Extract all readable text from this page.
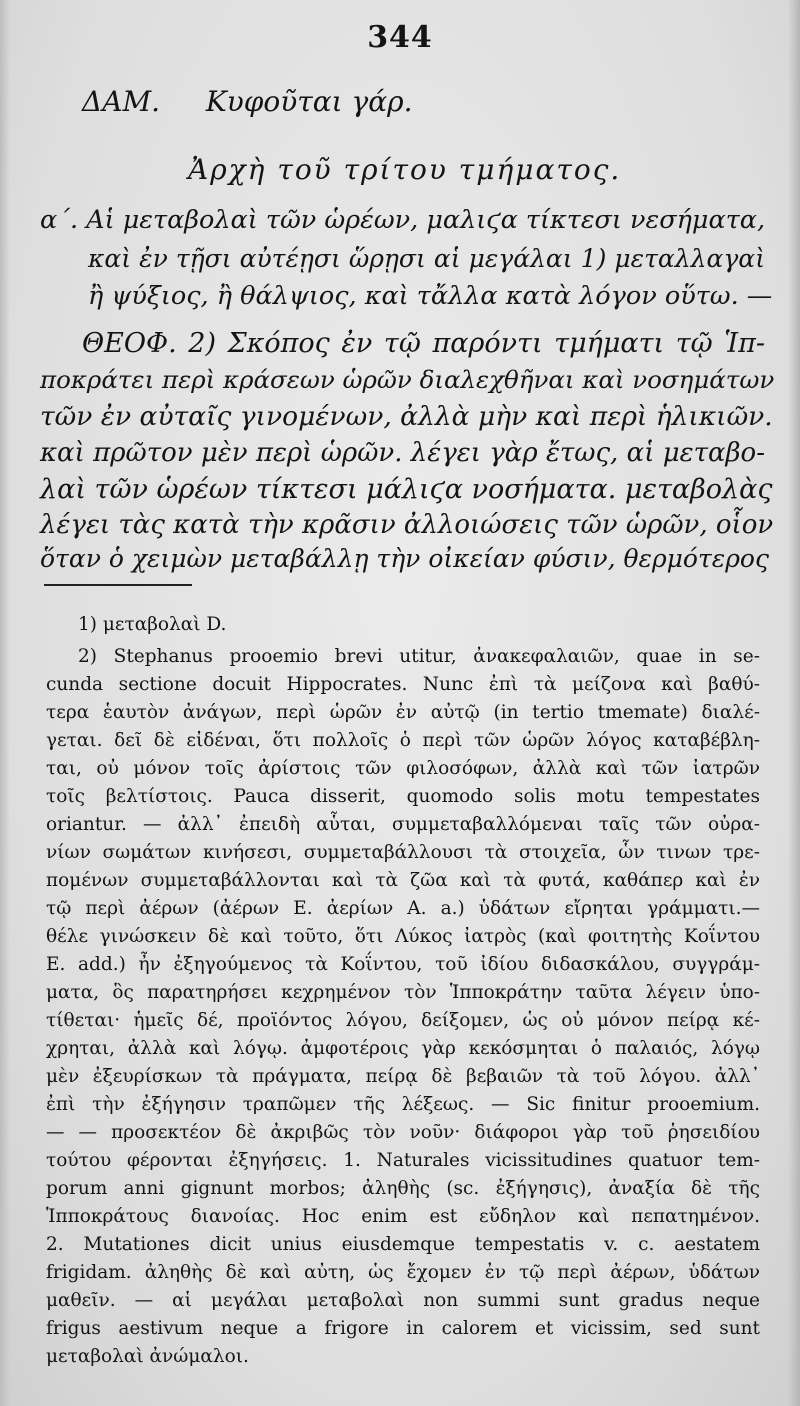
344
ΔΑΜ. Κυφοῦται γάρ.
Ἀρχὴ τοῦ τρίτου τμήματος.
α΄. Αἱ μεταβολαὶ τῶν ὡρέων, μαλιϛα τίκτεσι νεσήματα,
καὶ ἐν τῇσι αὐτέῃσι ὥρῃσι αἱ μεγάλαι 1) μεταλλαγαὶ
ἢ ψύξιος, ἢ θάλψιος, καὶ τἄλλα κατὰ λόγον οὕτω. —
ΘΕΟΦ. 2) Σκόπος ἐν τῷ παρόντι τμήματι τῷ Ἱπ-
ποκράτει περὶ κράσεων ὡρῶν διαλεχθῆναι καὶ νοσημάτων
τῶν ἐν αὐταῖς γινομένων, ἀλλὰ μὴν καὶ περὶ ἡλικιῶν.
καὶ πρῶτον μὲν περὶ ὡρῶν. λέγει γὰρ ἔτως, αἱ μεταβο-
λαὶ τῶν ὡρέων τίκτεσι μάλιϛα νοσήματα. μεταβολὰς
λέγει τὰς κατὰ τὴν κρᾶσιν ἀλλοιώσεις τῶν ὡρῶν, οἷον
ὅταν ὁ χειμὼν μεταβάλλῃ τὴν οἰκείαν φύσιν, θερμότερος
1) μεταβολαὶ D.
2) Stephanus prooemio brevi utitur, ἀνακεφαλαιῶν, quae in se-
cunda sectione docuit Hippocrates. Nunc ἐπὶ τὰ μείζονα καὶ βαθύ-
τερα ἑαυτὸν ἀνάγων, περὶ ὡρῶν ἐν αὐτῷ (in tertio tmemate) διαλέ-
γεται. δεῖ δὲ εἰδέναι, ὅτι πολλοῖς ὁ περὶ τῶν ὡρῶν λόγος καταβέβλη-
ται, οὐ μόνον τοῖς ἀρίστοις τῶν φιλοσόφων, ἀλλὰ καὶ τῶν ἰατρῶν
τοῖς βελτίστοις. Pauca disserit, quomodo solis motu tempestates
oriantur. — ἀλλ᾽ ἐπειδὴ αὗται, συμμεταβαλλόμεναι ταῖς τῶν οὐρα-
νίων σωμάτων κινήσεσι, συμμεταβάλλουσι τὰ στοιχεῖα, ὧν τινων τρε-
πομένων συμμεταβάλλονται καὶ τὰ ζῶα καὶ τὰ φυτά, καθάπερ καὶ ἐν
τῷ περὶ ἀέρων (ἀέρων E. ἀερίων A. a.) ὑδάτων εἴρηται γράμματι.—
θέλε γινώσκειν δὲ καὶ τοῦτο, ὅτι Λύκος ἰατρὸς (καὶ φοιτητὴς Κοΐντου
E. add.) ἦν ἐξηγούμενος τὰ Κοΐντου, τοῦ ἰδίου διδασκάλου, συγγράμ-
ματα, ὃς παρατηρήσει κεχρημένον τὸν Ἱπποκράτην ταῦτα λέγειν ὑπο-
τίθεται· ἡμεῖς δέ, προϊόντος λόγου, δείξομεν, ὡς οὐ μόνον πείρᾳ κέ-
χρηται, ἀλλὰ καὶ λόγῳ. ἀμφοτέροις γὰρ κεκόσμηται ὁ παλαιός, λόγῳ
μὲν ἐξευρίσκων τὰ πράγματα, πείρᾳ δὲ βεβαιῶν τὰ τοῦ λόγου. ἀλλ᾽
ἐπὶ τὴν ἐξήγησιν τραπῶμεν τῆς λέξεως. — Sic finitur prooemium.
— — προσεκτέον δὲ ἀκριβῶς τὸν νοῦν· διάφοροι γὰρ τοῦ ῥησειδίου
τούτου φέρονται ἐξηγήσεις. 1. Naturales vicissitudines quatuor tem-
porum anni gignunt morbos; ἀληθὴς (sc. ἐξήγησις), ἀναξία δὲ τῆς
Ἱπποκράτους διανοίας. Hoc enim est εὔδηλον καὶ πεπατημένον.
2. Mutationes dicit unius eiusdemque tempestatis v. c. aestatem
frigidam. ἀληθὴς δὲ καὶ αὐτη, ὡς ἔχομεν ἐν τῷ περὶ ἀέρων, ὑδάτων
μαθεῖν. — αἱ μεγάλαι μεταβολαὶ non summi sunt gradus neque
frigus aestivum neque a frigore in calorem et vicissim, sed sunt
μεταβολαὶ ἀνώμαλοι.
